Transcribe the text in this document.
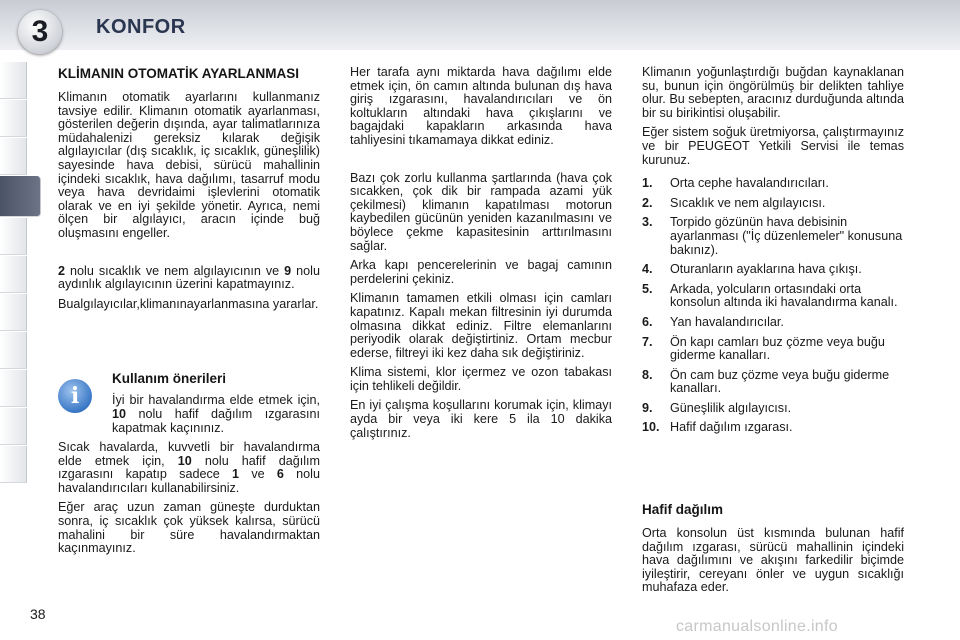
3	KONFOR
KLİMANIN OTOMATİK AYARLANMASI

Klimanın otomatik ayarlarını kullanmanız tavsiye edilir. Klimanın otomatik ayarlanması, gösterilen değerin dışında, ayar talimatlarınıza müdahalenizi gereksiz kılarak değişik algılayıcılar (dış sıcaklık, iç sıcaklık, güneşlilik) sayesinde hava debisi, sürücü mahallinin içindeki sıcaklık, hava dağılımı, tasarruf modu veya hava devridaimi işlevlerini otomatik olarak ve en iyi şekilde yönetir. Ayrıca, nemi ölçen bir algılayıcı, aracın içinde buğ oluşmasını engeller.

2 nolu sıcaklık ve nem algılayıcının ve 9 nolu aydınlık algılayıcının üzerini kapatmayınız.

Bualgılayıcılar,klimanınayarlanmasına yararlar.

i
Kullanım önerileri

İyi bir havalandırma elde etmek için, 10 nolu hafif dağılım ızgarasını kapatmak kaçınınız.

Sıcak havalarda, kuvvetli bir havalandırma elde etmek için, 10 nolu hafif dağılım ızgarasını kapatıp sadece 1 ve 6 nolu havalandırıcıları kullanabilirsiniz.

Eğer araç uzun zaman güneşte durduktan sonra, iç sıcaklık çok yüksek kalırsa, sürücü mahalini bir süre havalandırmaktan kaçınmayınız.

Her tarafa aynı miktarda hava dağılımı elde etmek için, ön camın altında bulunan dış hava giriş ızgarasını, havalandırıcıları ve ön koltukların altındaki hava çıkışlarını ve bagajdaki kapakların arkasında hava tahliyesini tıkamamaya dikkat ediniz.

Bazı çok zorlu kullanma şartlarında (hava çok sıcakken, çok dik bir rampada azami yük çekilmesi) klimanın kapatılması motorun kaybedilen gücünün yeniden kazanılmasını ve böylece çekme kapasitesinin arttırılmasını sağlar.

Arka kapı pencerelerinin ve bagaj camının perdelerini çekiniz.

Klimanın tamamen etkili olması için camları kapatınız. Kapalı mekan filtresinin iyi durumda olmasına dikkat ediniz. Filtre elemanlarını periyodik olarak değiştirtiniz. Ortam mecbur ederse, filtreyi iki kez daha sık değiştiriniz.

Klima sistemi, klor içermez ve ozon tabakası için tehlikeli değildir.

En iyi çalışma koşullarını korumak için, klimayı ayda bir veya iki kere 5 ila 10 dakika çalıştırınız.

Klimanın yoğunlaştırdığı buğdan kaynaklanan su, bunun için öngörülmüş bir delikten tahliye olur. Bu sebepten, aracınız durduğunda altında bir su birikintisi oluşabilir.

Eğer sistem soğuk üretmiyorsa, çalıştırmayınız ve bir PEUGEOT Yetkili Servisi ile temas kurunuz.

1.	Orta cephe havalandırıcıları.
2.	Sıcaklık ve nem algılayıcısı.
3.	Torpido gözünün hava debisinin ayarlanması ("İç düzenlemeler" konusuna bakınız).
4.	Oturanların ayaklarına hava çıkışı.
5.	Arkada, yolcuların ortasındaki orta konsolun altında iki havalandırma kanalı.
6.	Yan havalandırıcılar.
7.	Ön kapı camları buz çözme veya buğu giderme kanalları.
8.	Ön cam buz çözme veya buğu giderme kanalları.
9.	Güneşlilik algılayıcısı.
10. Hafif dağılım ızgarası.
Hafif dağılım

Orta konsolun üst kısmında bulunan hafif dağılım ızgarası, sürücü mahallinin içindeki hava dağılımını ve akışını farkedilir biçimde iyileştirir, cereyanı önler ve uygun sıcaklığı muhafaza eder.

38
carmanualsonline.info
